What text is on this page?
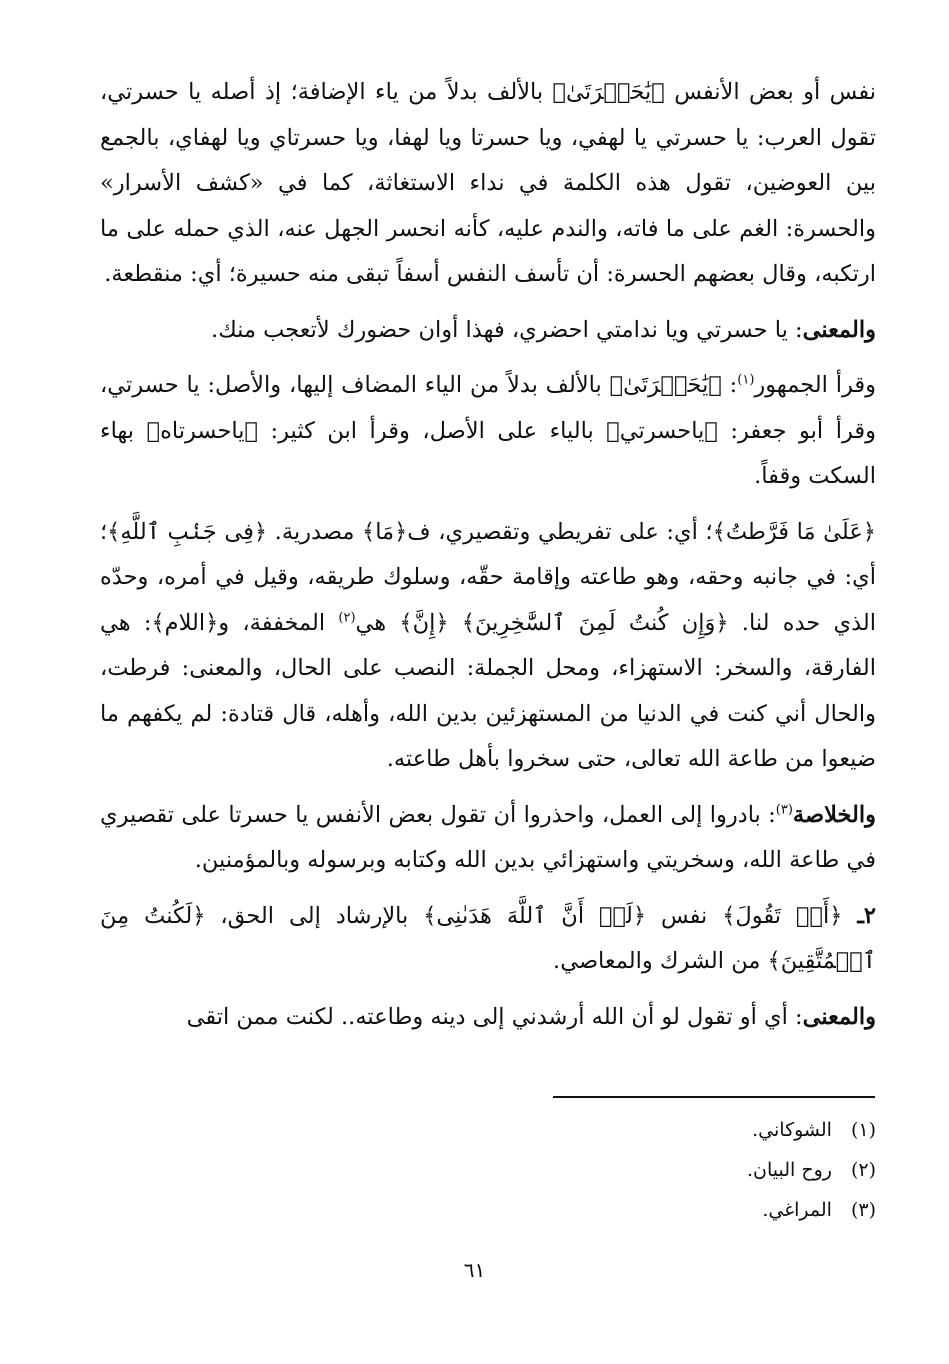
نفس أو بعض الأنفس ﴿يَٰحَسۡرَتَىٰ﴾ بالألف بدلاً من ياء الإضافة؛ إذ أصله يا حسرتي، تقول العرب: يا حسرتي يا لهفي، ويا حسرتا ويا لهفا، ويا حسرتاي ويا لهفاي، بالجمع بين العوضين، تقول هذه الكلمة في نداء الاستغاثة، كما في «كشف الأسرار» والحسرة: الغم على ما فاته، والندم عليه، كأنه انحسر الجهل عنه، الذي حمله على ما ارتكبه، وقال بعضهم الحسرة: أن تأسف النفس أسفاً تبقى منه حسيرة؛ أي: منقطعة.

والمعنى: يا حسرتي ويا ندامتي احضري، فهذا أوان حضورك لأتعجب منك.

وقرأ الجمهور$^{(١)}$: ﴿يَٰحَسۡرَتَىٰ﴾ بالألف بدلاً من الياء المضاف إليها، والأصل: يا حسرتي، وقرأ أبو جعفر: ﴿ياحسرتي﴾ بالياء على الأصل، وقرأ ابن كثير: ﴿ياحسرتاه﴾ بهاء السكت وقفاً.

﴿عَلَىٰ مَا فَرَّطتُ﴾؛ أي: على تفريطي وتقصيري، ف﴿مَا﴾ مصدرية. ﴿فِى جَنۢبِ ٱللَّهِ﴾؛ أي: في جانبه وحقه، وهو طاعته وإقامة حقّه، وسلوك طريقه، وقيل في أمره، وحدّه الذي حده لنا. ﴿وَإِن كُنتُ لَمِنَ ٱلسَّٰخِرِينَ﴾ ﴿إِنَّ﴾ هي$^{(٢)}$ المخففة، و﴿اللام﴾: هي الفارقة، والسخر: الاستهزاء، ومحل الجملة: النصب على الحال، والمعنى: فرطت، والحال أني كنت في الدنيا من المستهزئين بدين الله، وأهله، قال قتادة: لم يكفهم ما ضيعوا من طاعة الله تعالى، حتى سخروا بأهل طاعته.

والخلاصة$^{(٣)}$: بادروا إلى العمل، واحذروا أن تقول بعض الأنفس يا حسرتا على تقصيري في طاعة الله، وسخريتي واستهزائي بدين الله وكتابه وبرسوله وبالمؤمنين.

٢ـ ﴿أَوۡ تَقُولَ﴾ نفس ﴿لَوۡ أَنَّ ٱللَّهَ هَدَىٰنِى﴾ بالإرشاد إلى الحق، ﴿لَكُنتُ مِنَ ٱلۡمُتَّقِينَ﴾ من الشرك والمعاصي.

والمعنى: أي أو تقول لو أن الله أرشدني إلى دينه وطاعته.. لكنت ممن اتقى

(١) الشوكاني.
(٢) روح البيان.
(٣) المراغي.
٦١
